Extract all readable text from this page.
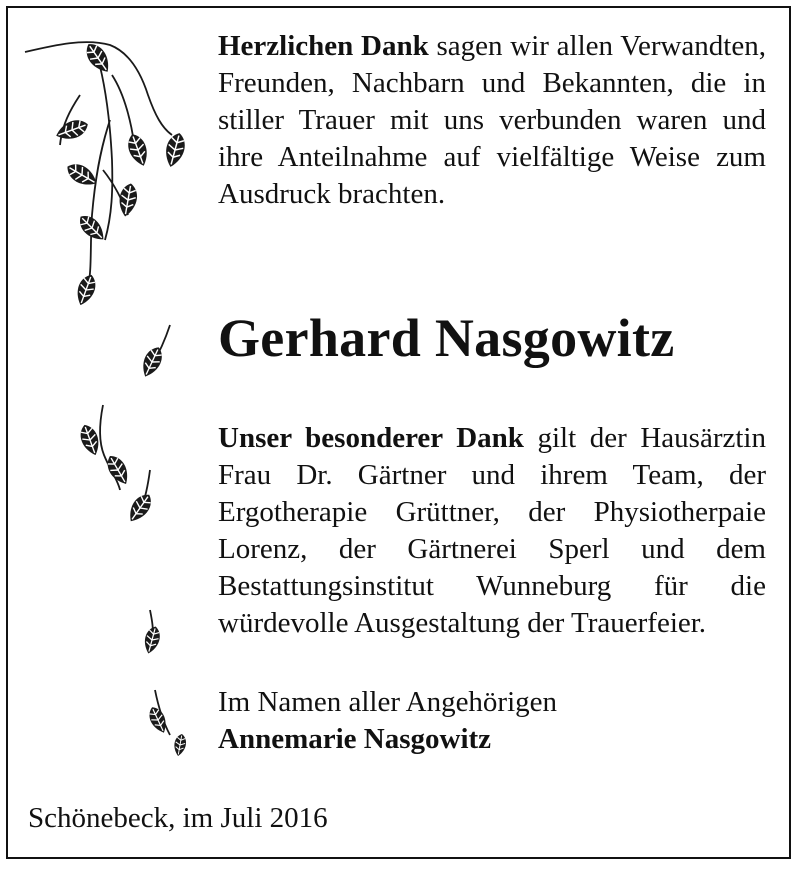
Herzlichen Dank sagen wir allen Verwandten, Freunden, Nachbarn und Bekannten, die in stiller Trauer mit uns verbunden waren und ihre Anteilnahme auf vielfältige Weise zum Ausdruck brachten.
Gerhard Nasgowitz
Unser besonderer Dank gilt der Hausärztin Frau Dr. Gärtner und ihrem Team, der Ergotherapie Grüttner, der Physiotherpaie Lorenz, der Gärtnerei Sperl und dem Bestattungsinstitut Wunneburg für die würdevolle Ausgestaltung der Trauerfeier.
Im Namen aller Angehörigen
Annemarie Nasgowitz
Schönebeck, im Juli 2016
